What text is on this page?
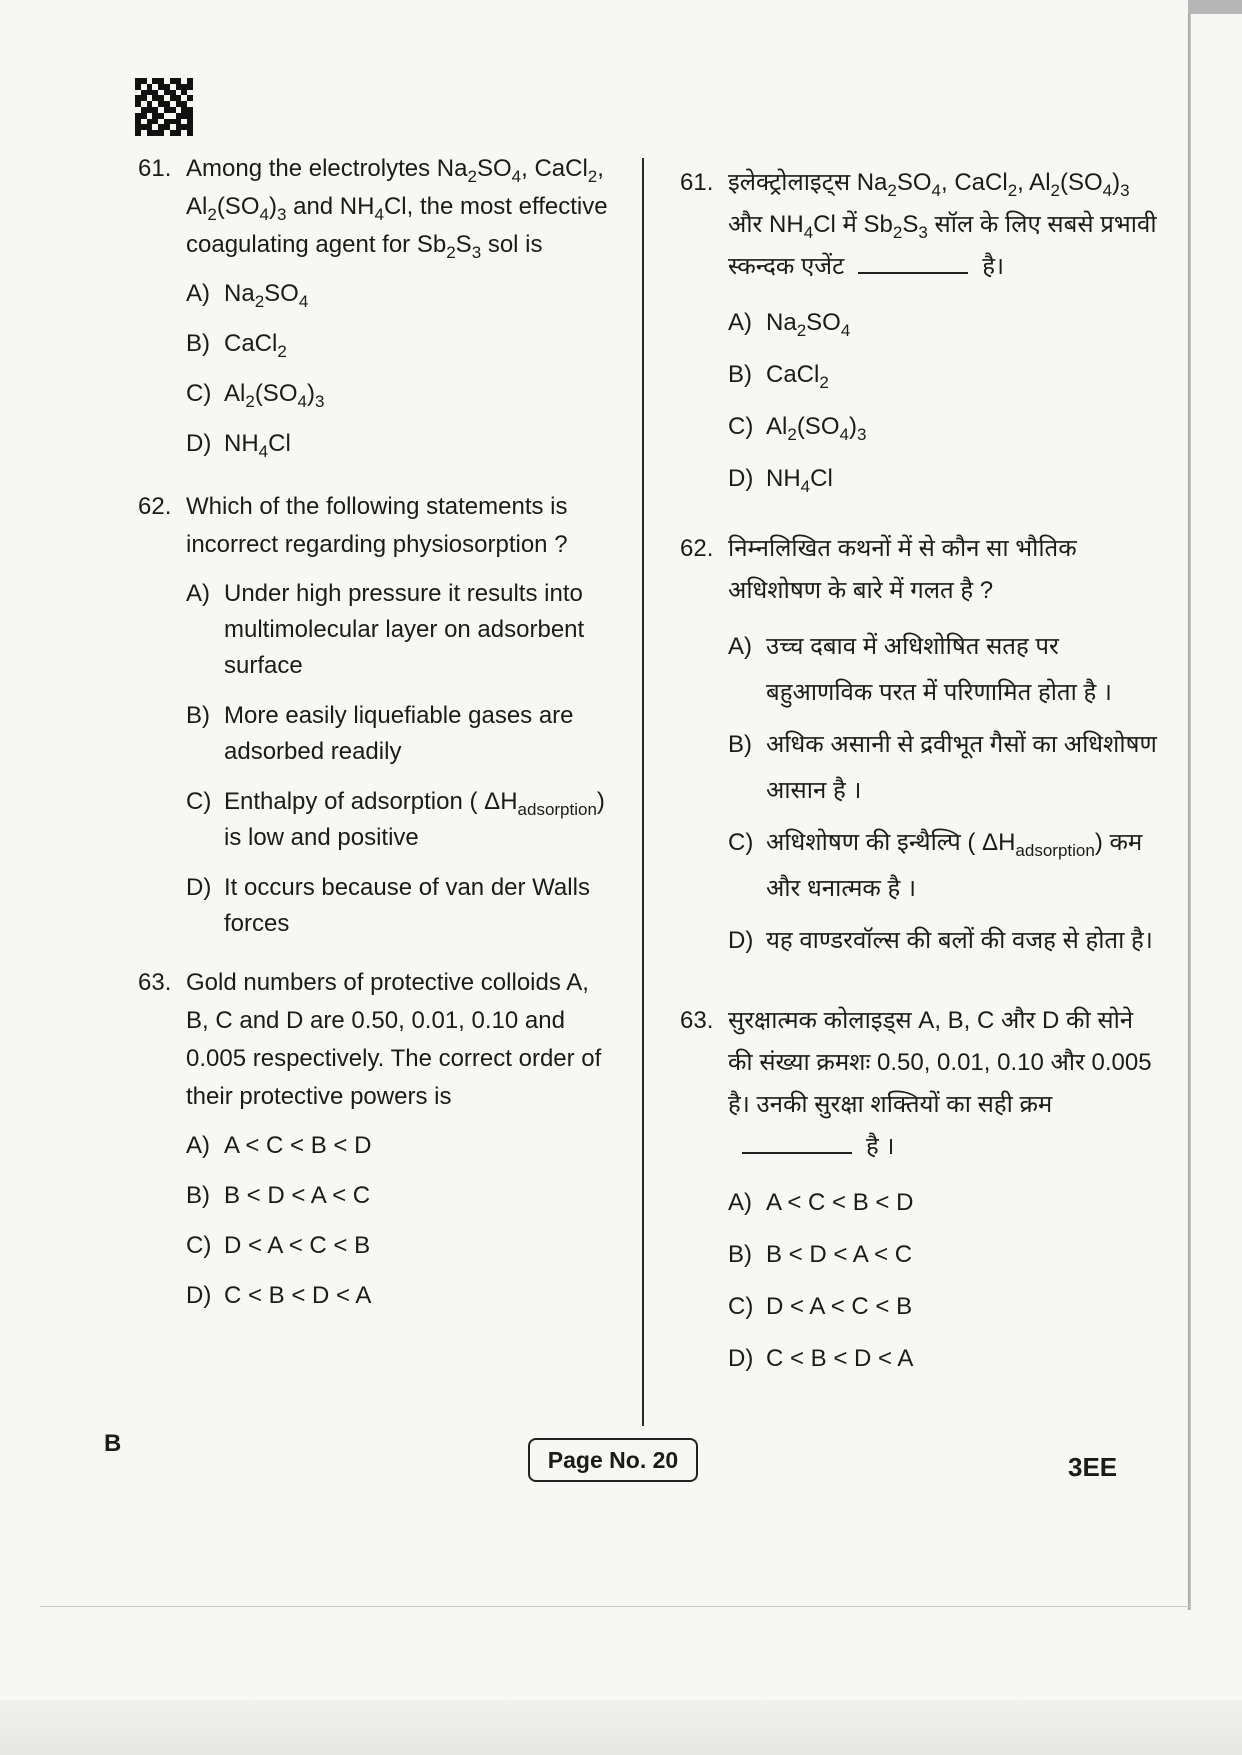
61. Among the electrolytes $Na_2SO_4$, CaCl$_2$, $Al_2(SO_4)_3$ and $NH_4Cl$, the most effective coagulating agent for $Sb_2S_3$ sol is
A) $Na_2SO_4$
B) CaCl$_2$
C) $Al_2(SO_4)_3$
D) $NH_4Cl$
62. Which of the following statements is incorrect regarding physiosorption ?
A) Under high pressure it results into multimolecular layer on adsorbent surface
B) More easily liquefiable gases are adsorbed readily
C) Enthalpy of adsorption ( $\Delta H_{adsorption}$) is low and positive
D) It occurs because of van der Walls forces
63. Gold numbers of protective colloids A, B, C and D are 0.50, 0.01, 0.10 and 0.005 respectively. The correct order of their protective powers is
A) A < C < B < D
B) B < D < A < C
C) D < A < C < B
D) C < B < D < A
61. इलेक्ट्रोलाइट्स $Na_2SO_4$, CaCl$_2$, $Al_2(SO_4)_3$ और $NH_4Cl$ में $Sb_2S_3$ सॉल के लिए सबसे प्रभावी स्कन्दक एजेंट	है।
A) $Na_2SO_4$
B) CaCl$_2$
C) $Al_2(SO_4)_3$
D) $NH_4Cl$
62. निम्नलिखित कथनों में से कौन सा भौतिक अधिशोषण के बारे में गलत है ?
A) उच्च दबाव में अधिशोषित सतह पर बहुआणविक परत में परिणामित होता है ।
B) अधिक असानी से द्रवीभूत गैसों का अधिशोषण आसान है ।
C) अधिशोषण की इन्थैल्पि ( $\Delta H_{adsorption}$) कम और धनात्मक है ।
D) यह वाण्डरवॉल्स की बलों की वजह से होता है।
63. सुरक्षात्मक कोलाइड्स A, B, C और D की सोने की संख्या क्रमशः 0.50, 0.01, 0.10 और 0.005 है। उनकी सुरक्षा शक्तियों का सही क्रमहै ।
A) A < C < B < D
B) B < D < A < C
C) D < A < C < B
D) C < B < D < A
B
Page No. 20	3EE
